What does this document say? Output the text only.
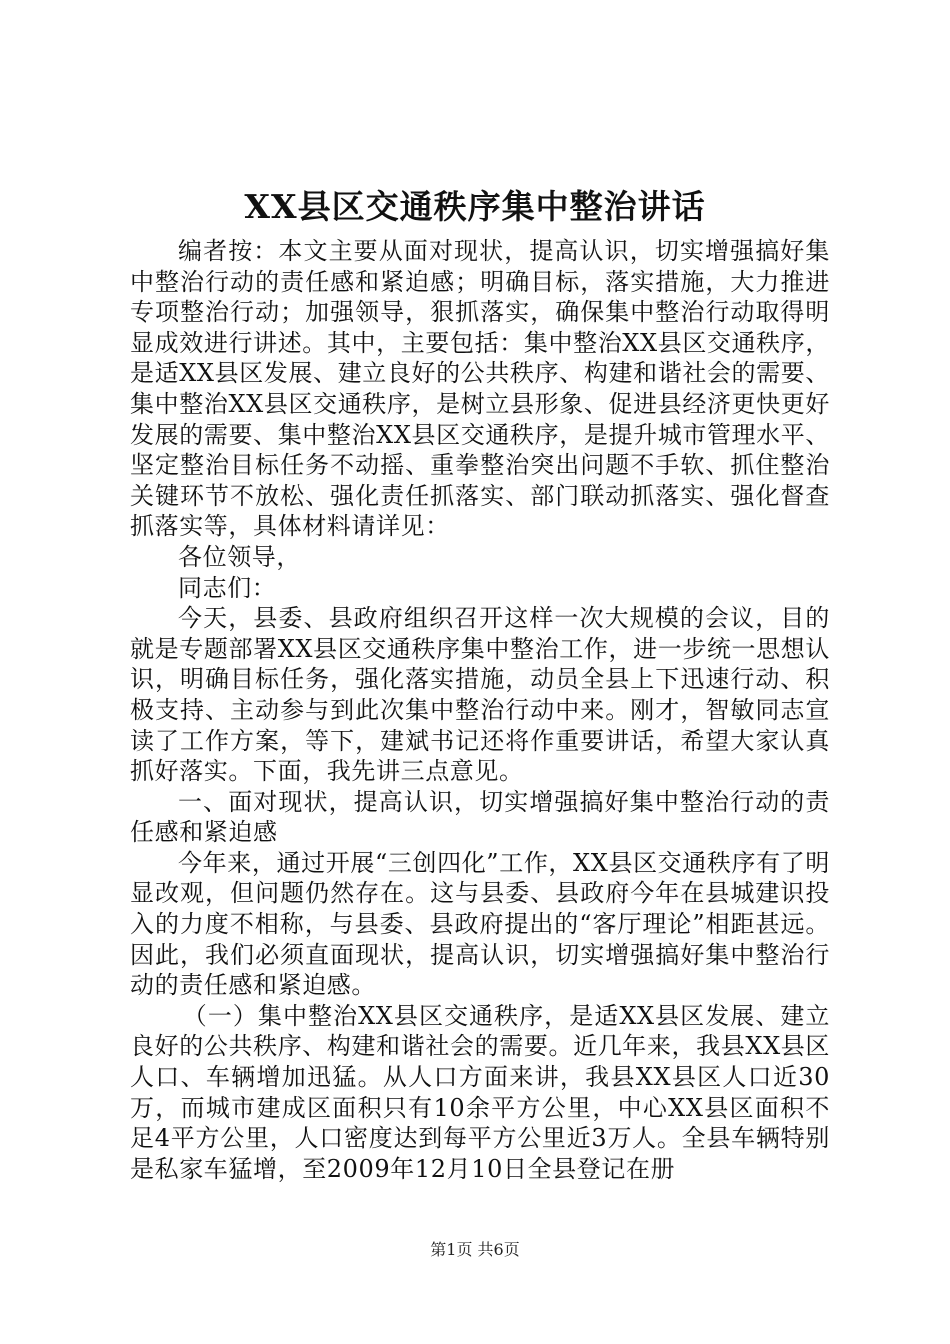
XX县区交通秩序集中整治讲话

编者按：本文主要从面对现状，提高认识，切实增强搞好集中整治行动的责任感和紧迫感；明确目标，落实措施，大力推进专项整治行动；加强领导，狠抓落实，确保集中整治行动取得明显成效进行讲述。其中，主要包括：集中整治XX县区交通秩序，是适XX县区发展、建立良好的公共秩序、构建和谐社会的需要、集中整治XX县区交通秩序，是树立县形象、促进县经济更快更好发展的需要、集中整治XX县区交通秩序，是提升城市管理水平、坚定整治目标任务不动摇、重拳整治突出问题不手软、抓住整治关键环节不放松、强化责任抓落实、部门联动抓落实、强化督查抓落实等，具体材料请详见：

各位领导，

同志们：

今天，县委、县政府组织召开这样一次大规模的会议，目的就是专题部署XX县区交通秩序集中整治工作，进一步统一思想认识，明确目标任务，强化落实措施，动员全县上下迅速行动、积极支持、主动参与到此次集中整治行动中来。刚才，智敏同志宣读了工作方案，等下，建斌书记还将作重要讲话，希望大家认真抓好落实。下面，我先讲三点意见。

一、面对现状，提高认识，切实增强搞好集中整治行动的责任感和紧迫感

今年来，通过开展“三创四化”工作，XX县区交通秩序有了明显改观，但问题仍然存在。这与县委、县政府今年在县城建识投入的力度不相称，与县委、县政府提出的“客厅理论”相距甚远。因此，我们必须直面现状，提高认识，切实增强搞好集中整治行动的责任感和紧迫感。

（一）集中整治XX县区交通秩序，是适XX县区发展、建立良好的公共秩序、构建和谐社会的需要。近几年来，我县XX县区人口、车辆增加迅猛。从人口方面来讲，我县XX县区人口近30万，而城市建成区面积只有10余平方公里，中心XX县区面积不足4平方公里，人口密度达到每平方公里近3万人。全县车辆特别是私家车猛增，至2009年12月10日全县登记在册

第1页 共6页
